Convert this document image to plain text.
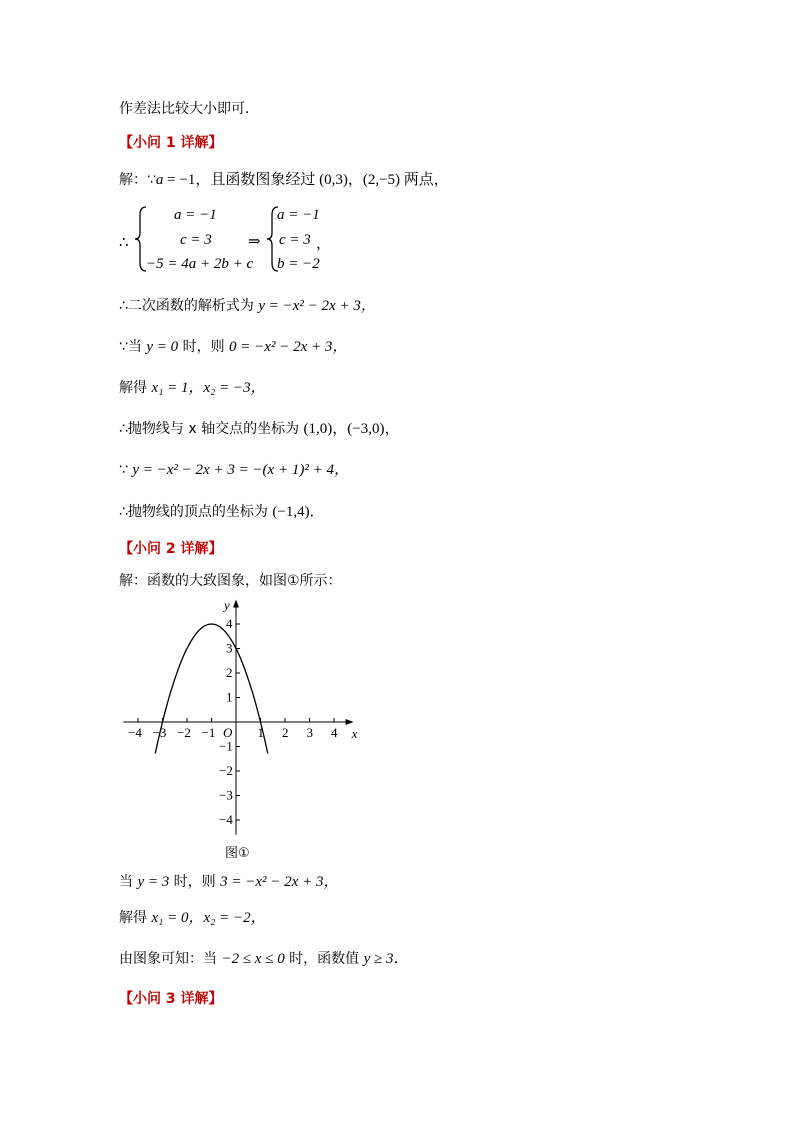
作差法比较大小即可．
【小问 1 详解】
解：∵a = −1，且函数图象经过 (0,3)，(2,−5) 两点，
∴
a = −1
c = 3
−5 = 4a + 2b + c
⇒
a = −1
c = 3
b = −2
，
∴二次函数的解析式为 y = −x² − 2x + 3，
∵当 y = 0 时，则 0 = −x² − 2x + 3，
解得 x₁ = 1，x₂ = −3，
∴抛物线与 x 轴交点的坐标为 (1,0)，(−3,0)，
∵ y = −x² − 2x + 3 = −(x + 1)² + 4，
∴抛物线的顶点的坐标为 (−1,4)．
【小问 2 详解】
解：函数的大致图象，如图①所示：
x
y
O
−4 −3 −2 −1	1 2 3 4
4
3
2
1
−1
−2
−3
−4
图①
当 y = 3 时，则 3 = −x² − 2x + 3，
解得 x₁ = 0，x₂ = −2，
由图象可知：当 −2 ≤ x ≤ 0 时，函数值 y ≥ 3．
【小问 3 详解】
